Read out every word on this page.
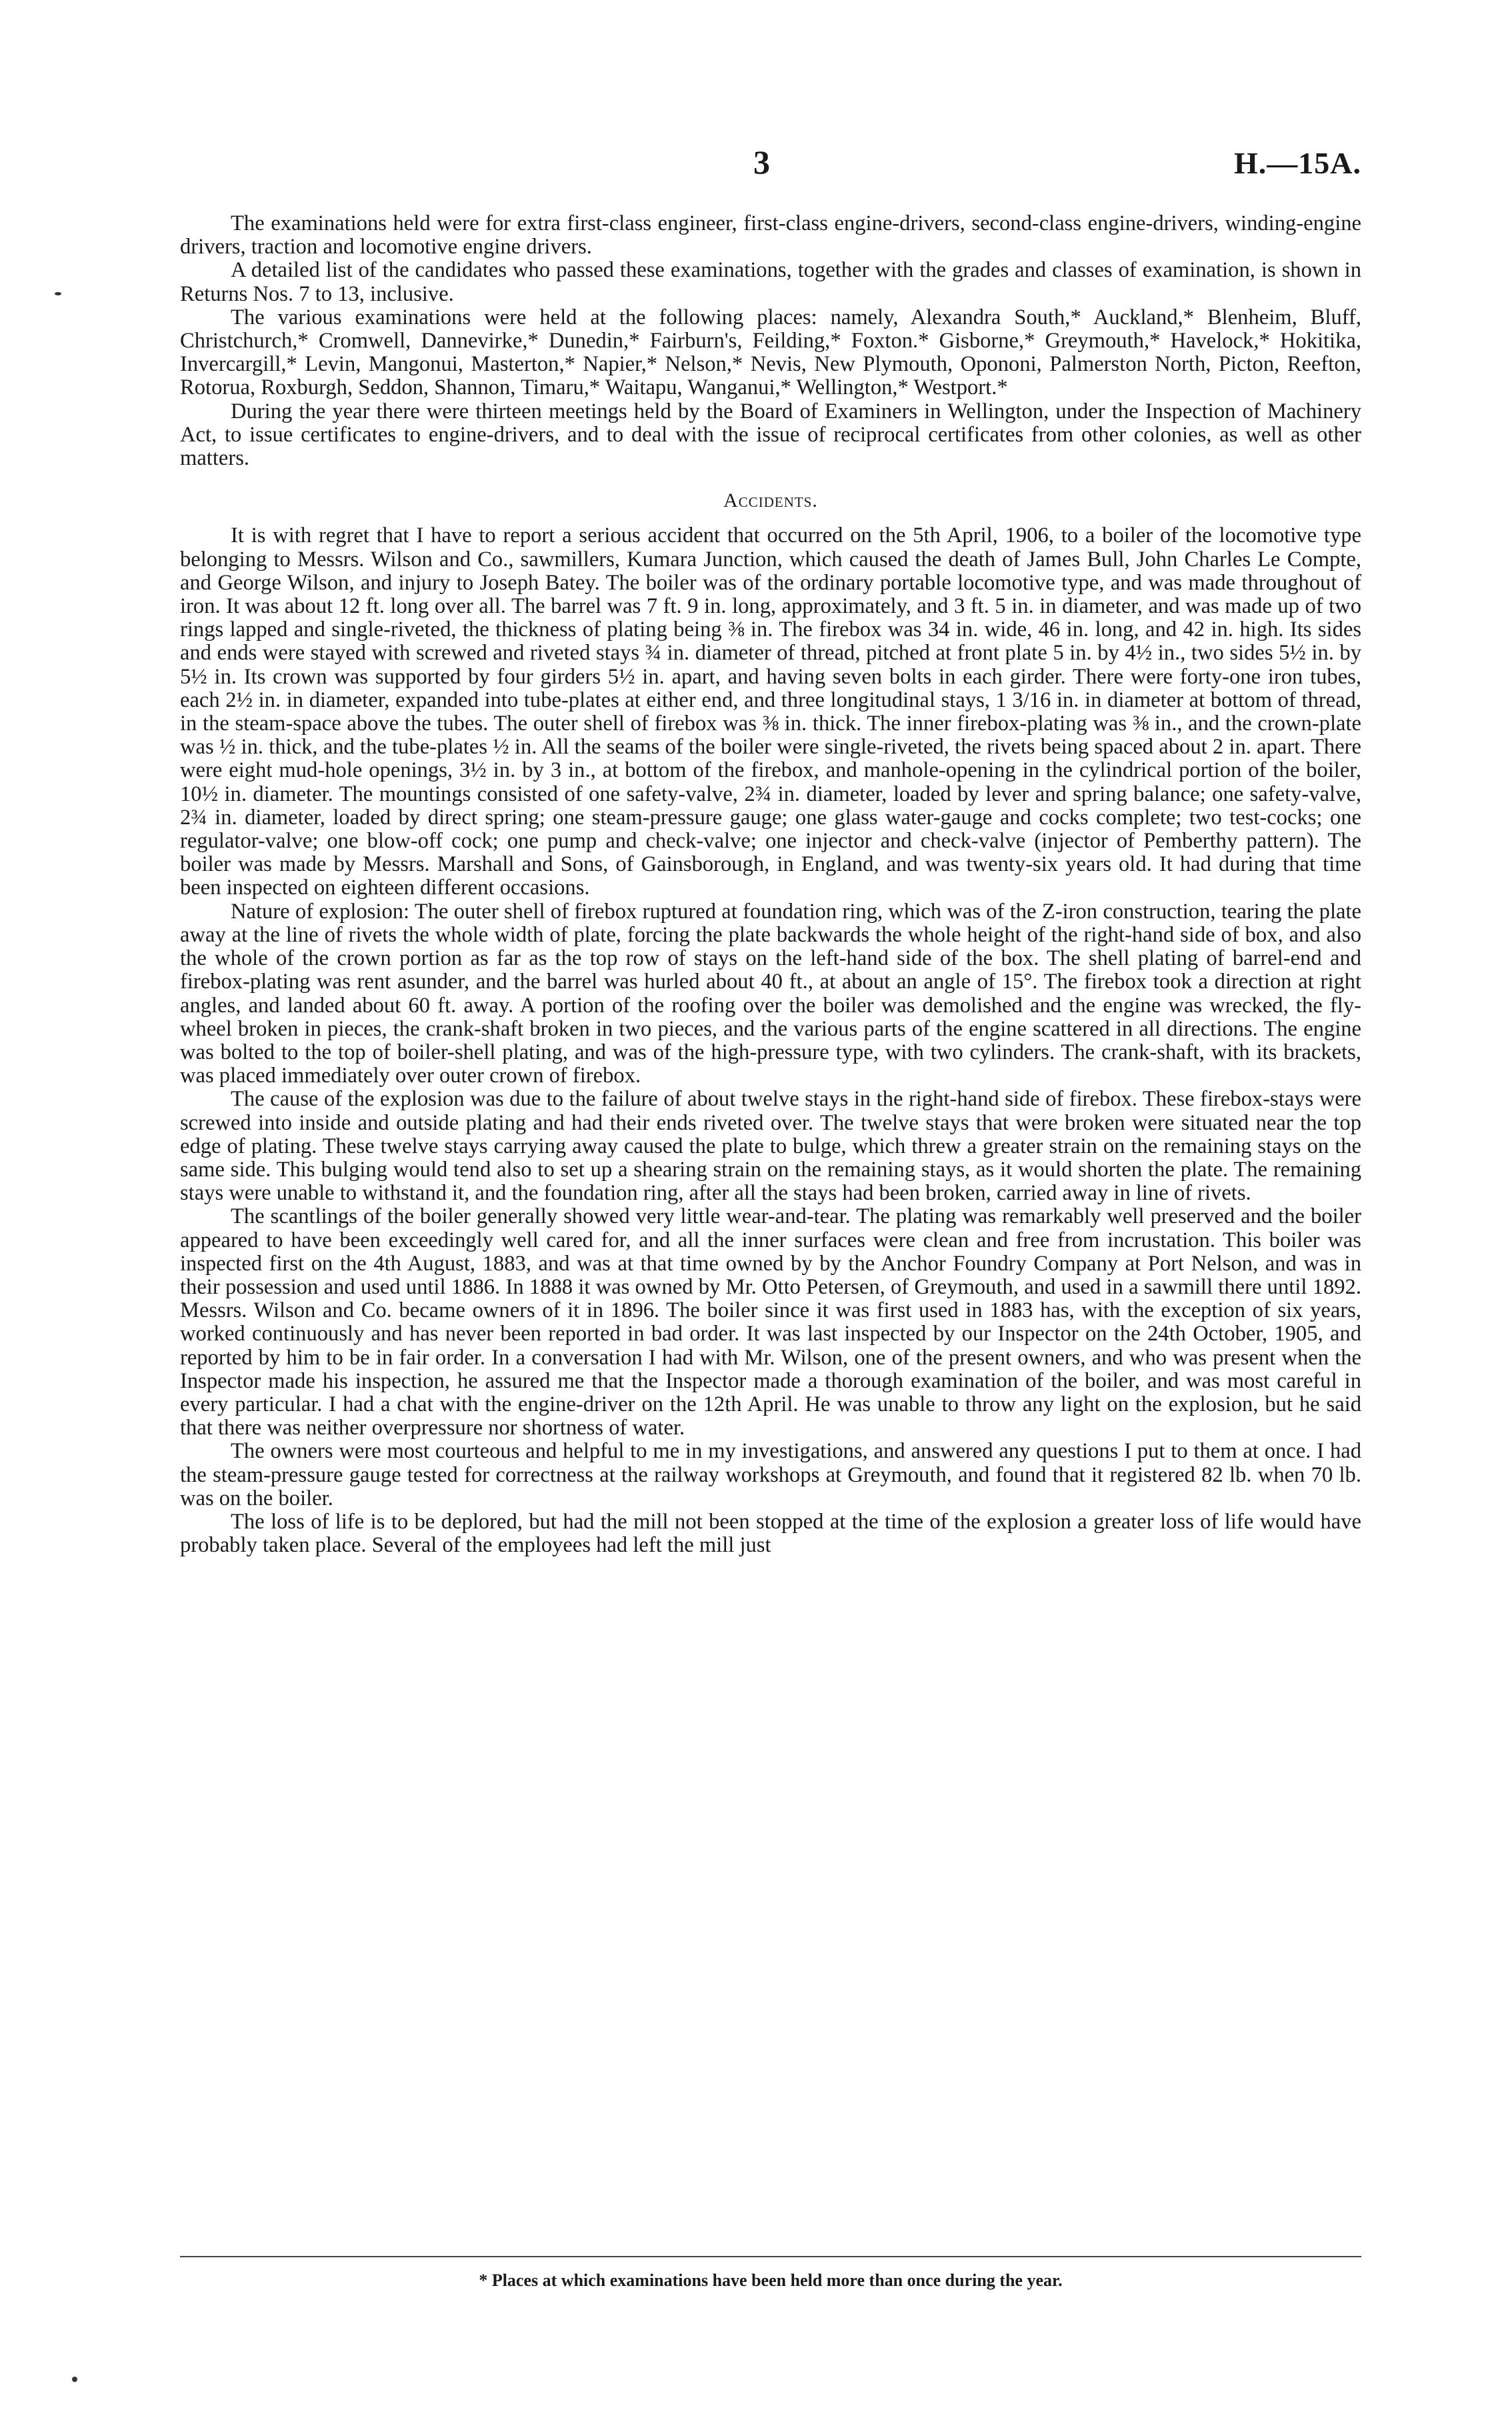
3	H.—15A.

The examinations held were for extra first-class engineer, first-class engine-drivers, second-class engine-drivers, winding-engine drivers, traction and locomotive engine drivers.

A detailed list of the candidates who passed these examinations, together with the grades and classes of examination, is shown in Returns Nos. 7 to 13, inclusive.

The various examinations were held at the following places: namely, Alexandra South,* Auckland,* Blenheim, Bluff, Christchurch,* Cromwell, Dannevirke,* Dunedin,* Fairburn's, Feilding,* Foxton.* Gisborne,* Greymouth,* Havelock,* Hokitika, Invercargill,* Levin, Mangonui, Masterton,* Napier,* Nelson,* Nevis, New Plymouth, Opononi, Palmerston North, Picton, Reefton, Rotorua, Roxburgh, Seddon, Shannon, Timaru,* Waitapu, Wanganui,* Wellington,* Westport.*

During the year there were thirteen meetings held by the Board of Examiners in Wellington, under the Inspection of Machinery Act, to issue certificates to engine-drivers, and to deal with the issue of reciprocal certificates from other colonies, as well as other matters.

Accidents.

It is with regret that I have to report a serious accident that occurred on the 5th April, 1906, to a boiler of the locomotive type belonging to Messrs. Wilson and Co., sawmillers, Kumara Junction, which caused the death of James Bull, John Charles Le Compte, and George Wilson, and injury to Joseph Batey. The boiler was of the ordinary portable locomotive type, and was made throughout of iron. It was about 12 ft. long over all. The barrel was 7 ft. 9 in. long, approximately, and 3 ft. 5 in. in diameter, and was made up of two rings lapped and single-riveted, the thickness of plating being ⅜ in. The firebox was 34 in. wide, 46 in. long, and 42 in. high. Its sides and ends were stayed with screwed and riveted stays ¾ in. diameter of thread, pitched at front plate 5 in. by 4½ in., two sides 5½ in. by 5½ in. Its crown was supported by four girders 5½ in. apart, and having seven bolts in each girder. There were forty-one iron tubes, each 2½ in. in diameter, expanded into tube-plates at either end, and three longitudinal stays, 1 3/16 in. in diameter at bottom of thread, in the steam-space above the tubes. The outer shell of firebox was ⅜ in. thick. The inner firebox-plating was ⅜ in., and the crown-plate was ½ in. thick, and the tube-plates ½ in. All the seams of the boiler were single-riveted, the rivets being spaced about 2 in. apart. There were eight mud-hole openings, 3½ in. by 3 in., at bottom of the firebox, and manhole-opening in the cylindrical portion of the boiler, 10½ in. diameter. The mountings consisted of one safety-valve, 2¾ in. diameter, loaded by lever and spring balance; one safety-valve, 2¾ in. diameter, loaded by direct spring; one steam-pressure gauge; one glass water-gauge and cocks complete; two test-cocks; one regulator-valve; one blow-off cock; one pump and check-valve; one injector and check-valve (injector of Pemberthy pattern). The boiler was made by Messrs. Marshall and Sons, of Gainsborough, in England, and was twenty-six years old. It had during that time been inspected on eighteen different occasions.

Nature of explosion: The outer shell of firebox ruptured at foundation ring, which was of the Z-iron construction, tearing the plate away at the line of rivets the whole width of plate, forcing the plate backwards the whole height of the right-hand side of box, and also the whole of the crown portion as far as the top row of stays on the left-hand side of the box. The shell plating of barrel-end and firebox-plating was rent asunder, and the barrel was hurled about 40 ft., at about an angle of 15°. The firebox took a direction at right angles, and landed about 60 ft. away. A portion of the roofing over the boiler was demolished and the engine was wrecked, the fly-wheel broken in pieces, the crank-shaft broken in two pieces, and the various parts of the engine scattered in all directions. The engine was bolted to the top of boiler-shell plating, and was of the high-pressure type, with two cylinders. The crank-shaft, with its brackets, was placed immediately over outer crown of firebox.

The cause of the explosion was due to the failure of about twelve stays in the right-hand side of firebox. These firebox-stays were screwed into inside and outside plating and had their ends riveted over. The twelve stays that were broken were situated near the top edge of plating. These twelve stays carrying away caused the plate to bulge, which threw a greater strain on the remaining stays on the same side. This bulging would tend also to set up a shearing strain on the remaining stays, as it would shorten the plate. The remaining stays were unable to withstand it, and the foundation ring, after all the stays had been broken, carried away in line of rivets.

The scantlings of the boiler generally showed very little wear-and-tear. The plating was remarkably well preserved and the boiler appeared to have been exceedingly well cared for, and all the inner surfaces were clean and free from incrustation. This boiler was inspected first on the 4th August, 1883, and was at that time owned by by the Anchor Foundry Company at Port Nelson, and was in their possession and used until 1886. In 1888 it was owned by Mr. Otto Petersen, of Greymouth, and used in a sawmill there until 1892. Messrs. Wilson and Co. became owners of it in 1896. The boiler since it was first used in 1883 has, with the exception of six years, worked continuously and has never been reported in bad order. It was last inspected by our Inspector on the 24th October, 1905, and reported by him to be in fair order. In a conversation I had with Mr. Wilson, one of the present owners, and who was present when the Inspector made his inspection, he assured me that the Inspector made a thorough examination of the boiler, and was most careful in every particular. I had a chat with the engine-driver on the 12th April. He was unable to throw any light on the explosion, but he said that there was neither overpressure nor shortness of water.

The owners were most courteous and helpful to me in my investigations, and answered any questions I put to them at once. I had the steam-pressure gauge tested for correctness at the railway workshops at Greymouth, and found that it registered 82 lb. when 70 lb. was on the boiler.

The loss of life is to be deplored, but had the mill not been stopped at the time of the explosion a greater loss of life would have probably taken place. Several of the employees had left the mill just

* Places at which examinations have been held more than once during the year.
